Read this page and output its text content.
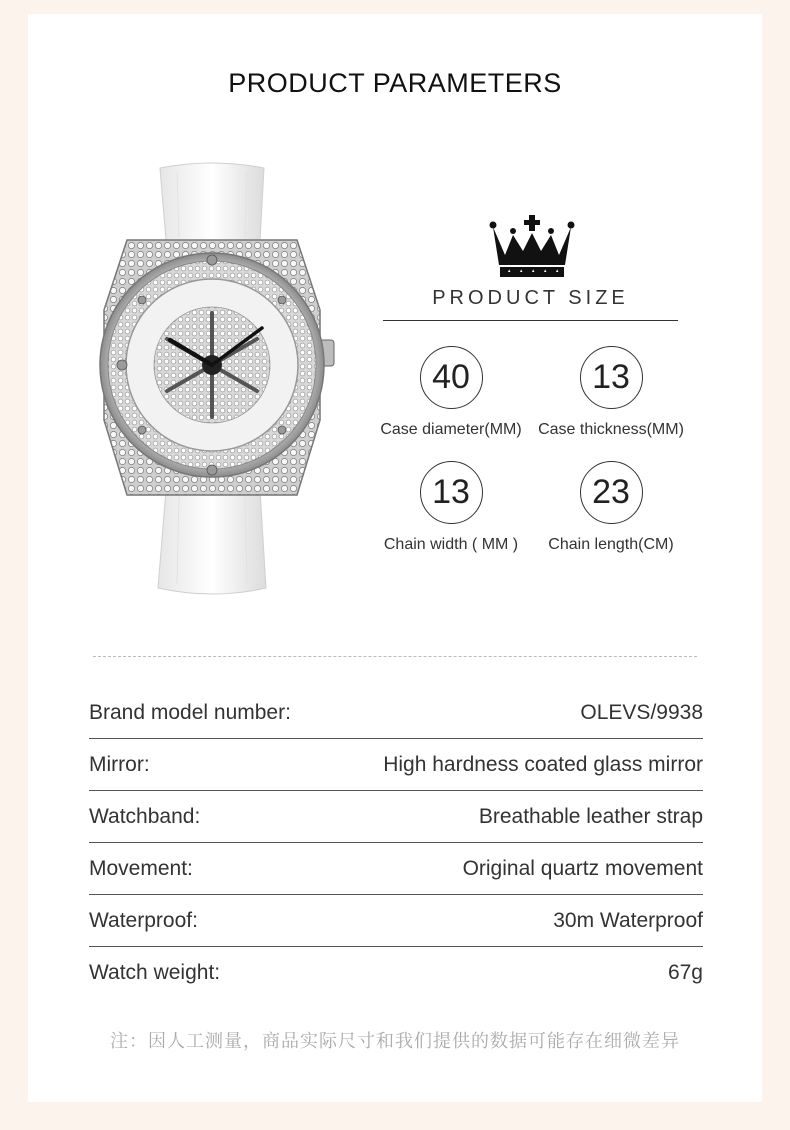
PRODUCT PARAMETERS
PRODUCT SIZE
40
Case diameter(MM)
13
Case thickness(MM)
13
Chain width ( MM )
23
Chain length(CM)
Brand model number:	OLEVS/9938
Mirror:	High hardness coated glass mirror
Watchband:	Breathable leather strap
Movement:	Original quartz movement
Waterproof:	30m Waterproof
Watch weight:	67g
注：因人工测量，商品实际尺寸和我们提供的数据可能存在细微差异
